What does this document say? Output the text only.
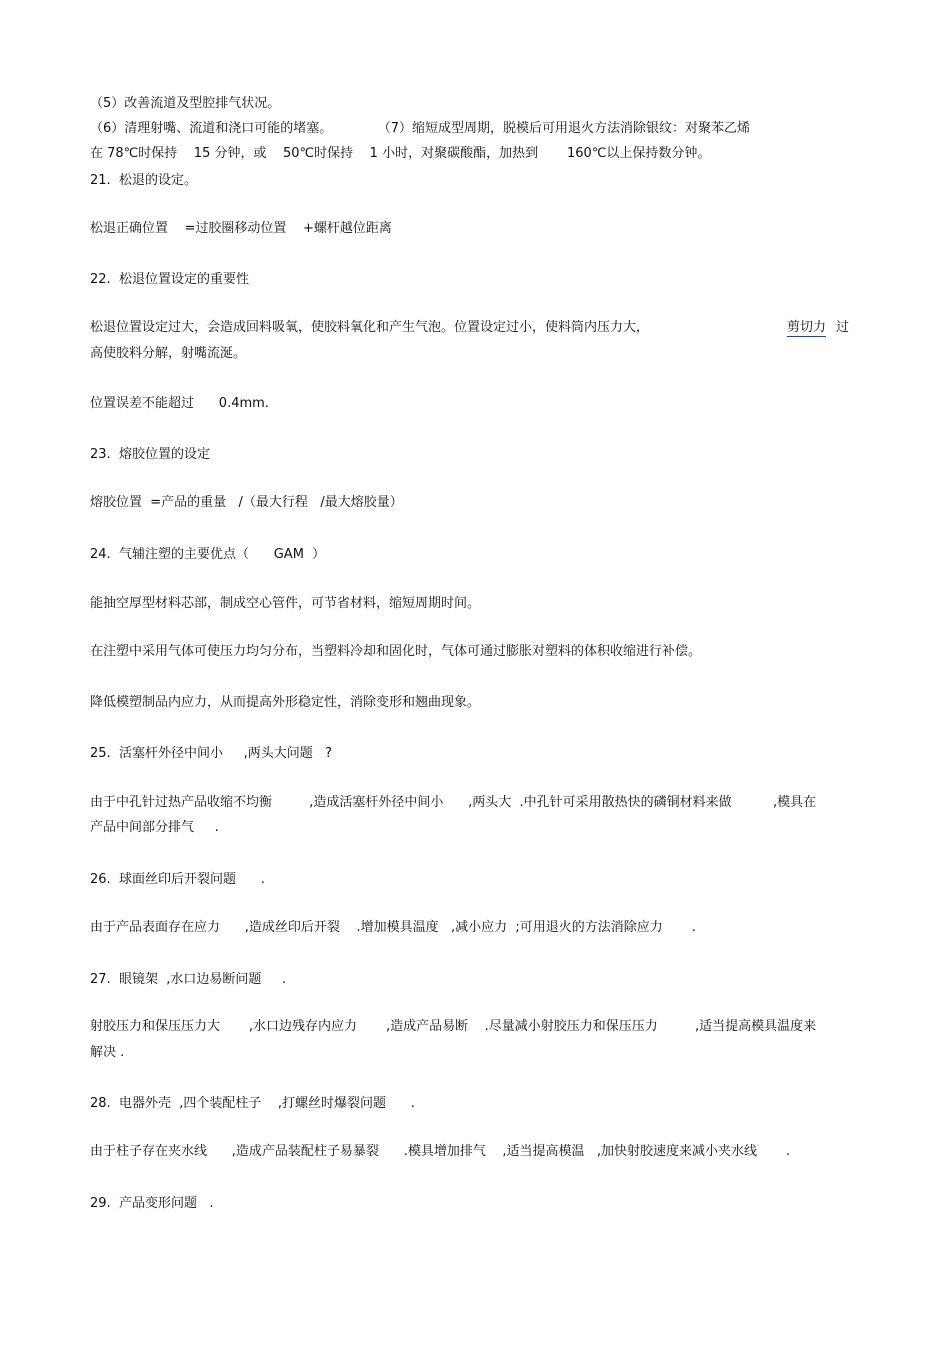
（5）改善流道及型腔排气状况。

（6）清理射嘴、流道和浇口可能的堵塞。           （7）缩短成型周期，脱模后可用退火方法消除银纹：对聚苯乙烯

在 78℃时保持    15 分钟，或    50℃时保持    1 小时，对聚碳酸酯，加热到       160℃以上保持数分钟。

21.  松退的设定。

松退正确位置    =过胶圈移动位置    +螺杆越位距离

22.  松退位置设定的重要性

松退位置设定过大，会造成回料吸氧，使胶料氧化和产生气泡。位置设定过小，使料筒内压力大，	剪切力 过

高使胶料分解，射嘴流涎。

位置误差不能超过      0.4mm.

23.  熔胶位置的设定

熔胶位置  =产品的重量   /（最大行程   /最大熔胶量）

24.  气辅注塑的主要优点（      GAM  ）

能抽空厚型材料芯部，制成空心管件，可节省材料，缩短周期时间。

在注塑中采用气体可使压力均匀分布，当塑料冷却和固化时，气体可通过膨胀对塑料的体积收缩进行补偿。

降低模塑制品内应力，从而提高外形稳定性，消除变形和翘曲现象。

25.  活塞杆外径中间小     ,两头大问题   ?

由于中孔针过热产品收缩不均衡         ,造成活塞杆外径中间小      ,两头大  .中孔针可采用散热快的磷铜材料来做          ,模具在

产品中间部分排气     .

26.  球面丝印后开裂问题      .

由于产品表面存在应力      ,造成丝印后开裂    .增加模具温度   ,减小应力  ;可用退火的方法消除应力       .

27.  眼镜架  ,水口边易断问题     .

射胶压力和保压压力大       ,水口边残存内应力       ,造成产品易断    .尽量减小射胶压力和保压压力         ,适当提高模具温度来

解决 .

28.  电器外壳  ,四个装配柱子    ,打螺丝时爆裂问题      .

由于柱子存在夹水线      ,造成产品装配柱子易暴裂      .模具增加排气    ,适当提高模温   ,加快射胶速度来减小夹水线       .

29.  产品变形问题   .
